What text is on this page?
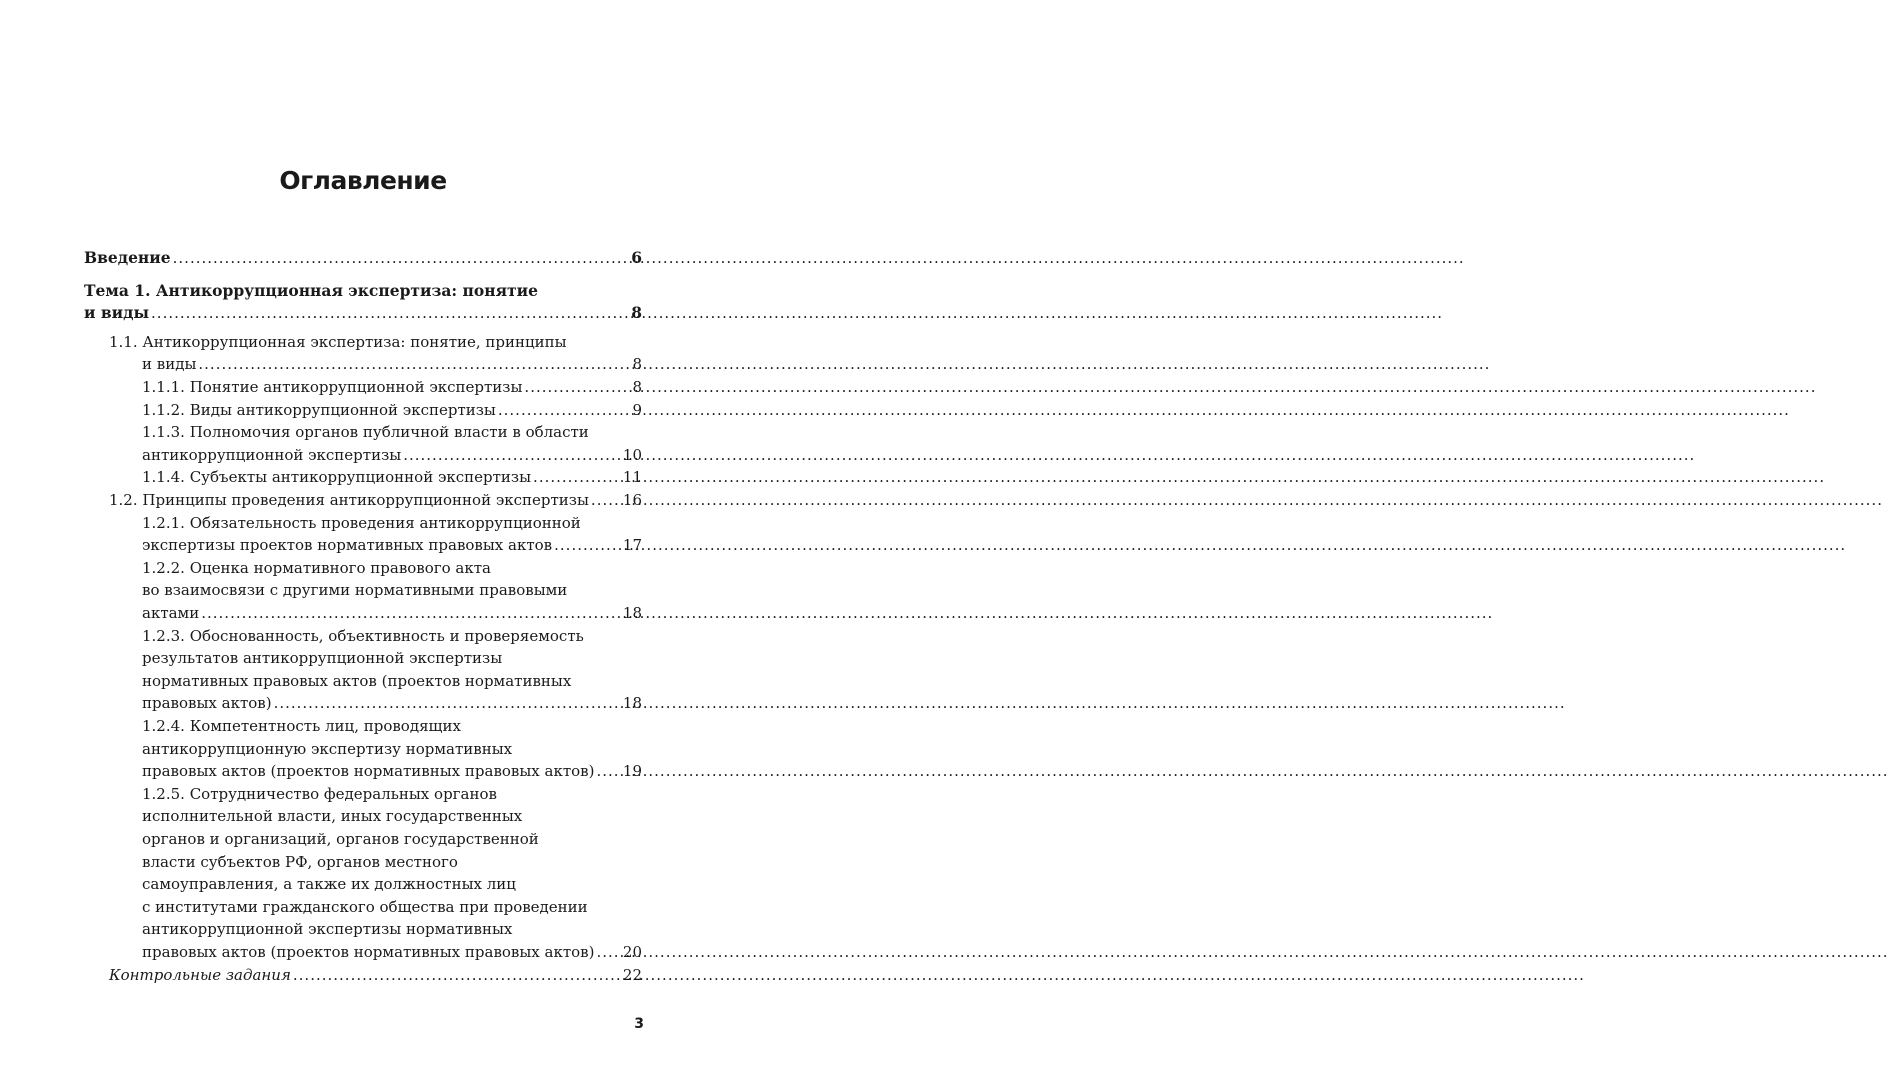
Оглавление
Введение .....	6
Тема 1. Антикоррупционная экспертиза: понятие
и виды .....	8
1.1. Антикоррупционная экспертиза: понятие, принципы
и виды .....	8
1.1.1. Понятие антикоррупционной экспертизы .....	8
1.1.2. Виды антикоррупционной экспертизы .....	9
1.1.3. Полномочия органов публичной власти в области
антикоррупционной экспертизы .....	10
1.1.4. Субъекты антикоррупционной экспертизы .....	11
1.2. Принципы проведения антикоррупционной экспертизы ..... 16
1.2.1. Обязательность проведения антикоррупционной
экспертизы проектов нормативных правовых актов .....	17
1.2.2. Оценка нормативного правового акта
во взаимосвязи с другими нормативными правовыми
актами .....	18
1.2.3. Обоснованность, объективность и проверяемость
результатов антикоррупционной экспертизы
нормативных правовых актов (проектов нормативных
правовых актов) .....	18
1.2.4. Компетентность лиц, проводящих
антикоррупционную экспертизу нормативных
правовых актов (проектов нормативных правовых актов) ..... 19
1.2.5. Сотрудничество федеральных органов
исполнительной власти, иных государственных
органов и организаций, органов государственной
власти субъектов РФ, органов местного
самоуправления, а также их должностных лиц
с институтами гражданского общества при проведении
антикоррупционной экспертизы нормативных
правовых актов (проектов нормативных правовых актов) ..... 20
Контрольные задания .....	22
3
